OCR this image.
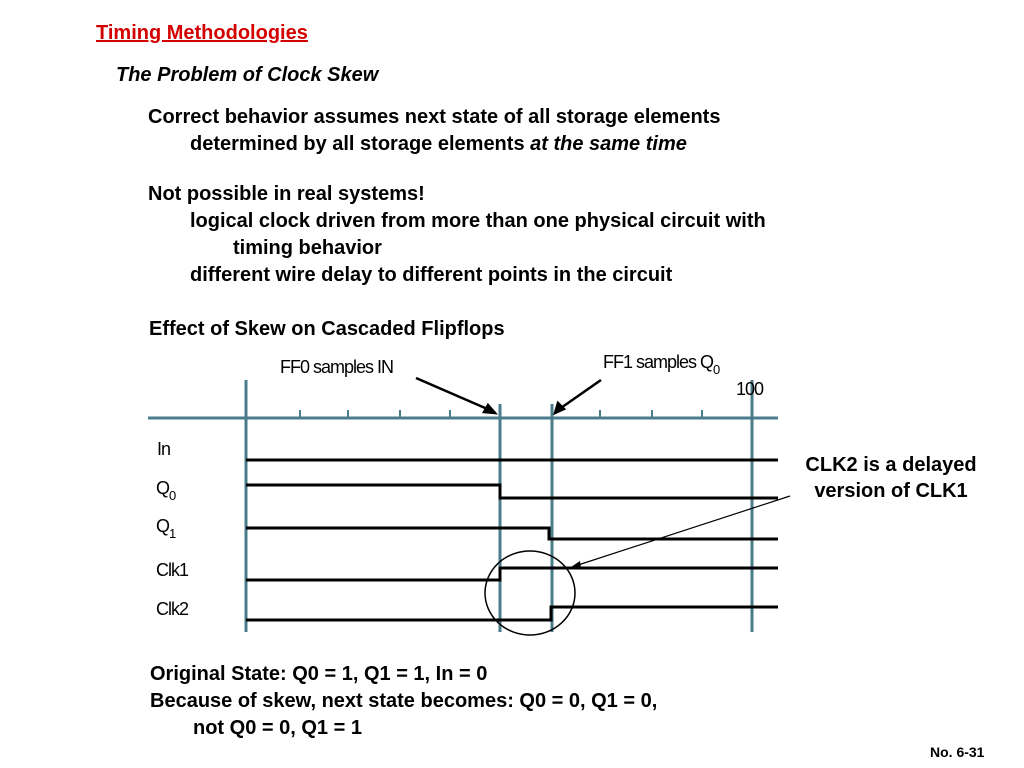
Timing Methodologies
The Problem of Clock Skew
Correct behavior assumes next state of all storage elements
determined by all storage elements at the same time
Not possible in real systems!
logical clock driven from more than one physical circuit with
timing behavior
different wire delay to different points in the circuit
Effect of Skew on Cascaded Flipflops
In
$Q_0$
$Q_1$
Clk1
Clk2
FF0 samples IN	FF1 samples $Q_0$
100
CLK2 is a delayed version of CLK1
Original State: Q0 = 1, Q1 = 1, In = 0
Because of skew, next state becomes: Q0 = 0, Q1 = 0,
not Q0 = 0, Q1 = 1
No. 6-31
